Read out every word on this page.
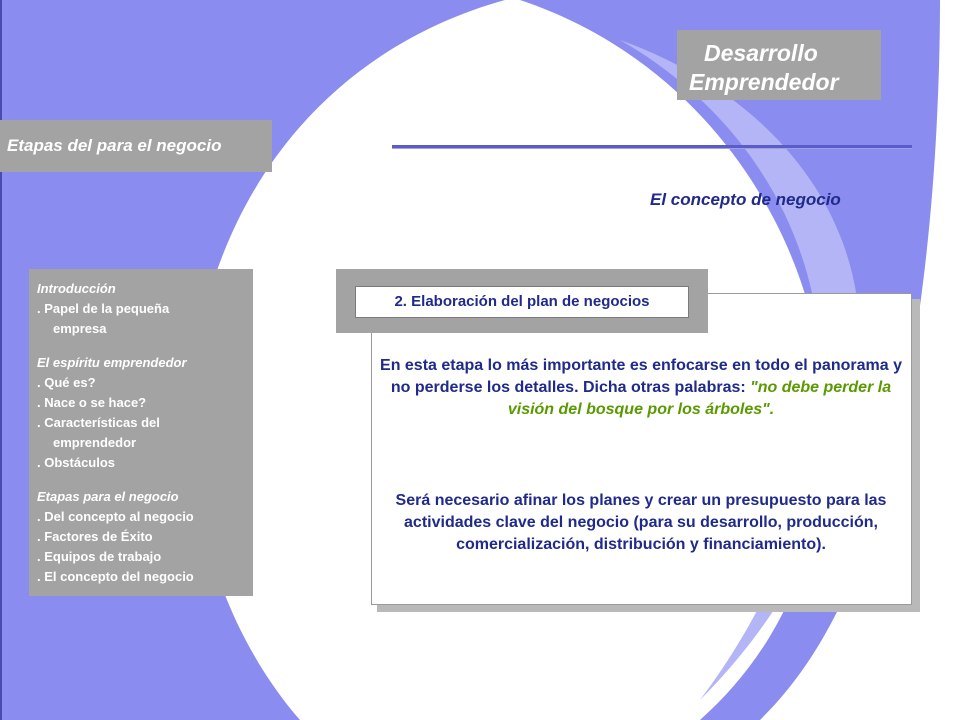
Desarrollo
Emprendedor
Etapas del para el negocio
El concepto de negocio
Introducción
. Papel de la pequeña
empresa
El espíritu emprendedor
. Qué es?
. Nace o se hace?
. Características del
emprendedor
. Obstáculos
Etapas para el negocio
. Del concepto al negocio
. Factores de Éxito
. Equipos de trabajo
. El concepto del negocio
2. Elaboración del plan de negocios
En esta etapa lo más importante es enfocarse en todo el panorama y no perderse los detalles. Dicha otras palabras: "no debe perder la visión del bosque por los árboles".
Será necesario afinar los planes y crear un presupuesto para las actividades clave del negocio (para su desarrollo, producción, comercialización, distribución y financiamiento).
